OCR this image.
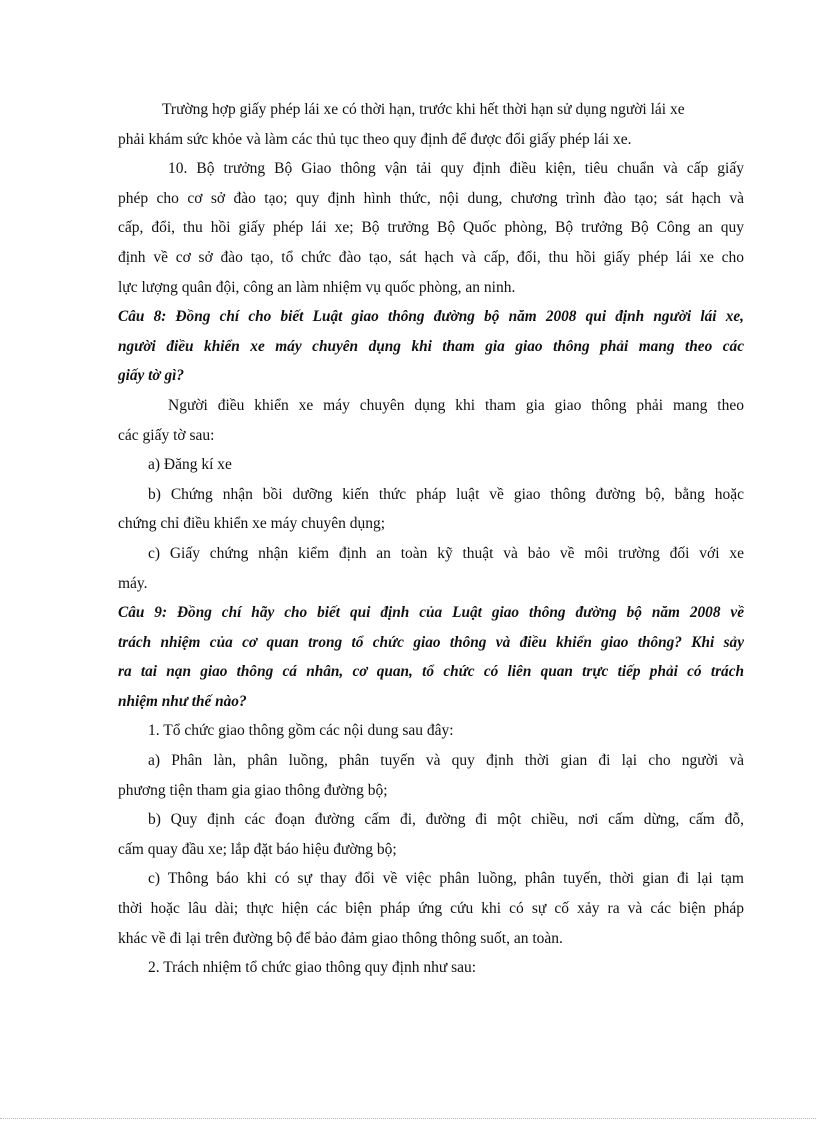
Trường hợp giấy phép lái xe có thời hạn, trước khi hết thời hạn sử dụng người lái xe
phải khám sức khỏe và làm các thủ tục theo quy định để được đổi giấy phép lái xe.
10. Bộ trưởng Bộ Giao thông vận tải quy định điều kiện, tiêu chuẩn và cấp giấy
phép cho cơ sở đào tạo; quy định hình thức, nội dung, chương trình đào tạo; sát hạch và
cấp, đổi, thu hồi giấy phép lái xe; Bộ trưởng Bộ Quốc phòng, Bộ trưởng Bộ Công an quy
định về cơ sở đào tạo, tổ chức đào tạo, sát hạch và cấp, đổi, thu hồi giấy phép lái xe cho
lực lượng quân đội, công an làm nhiệm vụ quốc phòng, an ninh.
Câu 8: Đồng chí cho biết Luật giao thông đường bộ năm 2008 qui định người lái xe,
người điều khiển xe máy chuyên dụng khi tham gia giao thông phải mang theo các
giấy tờ gì?
Người điều khiển xe máy chuyên dụng khi tham gia giao thông phải mang theo
các giấy tờ sau:
a) Đăng kí xe
b) Chứng nhận bồi dưỡng kiến thức pháp luật về giao thông đường bộ, bằng hoặc
chứng chỉ điều khiển xe máy chuyên dụng;
c) Giấy chứng nhận kiểm định an toàn kỹ thuật và bảo về môi trường đối với xe
máy.
Câu 9: Đồng chí hãy cho biết qui định của Luật giao thông đường bộ năm 2008 về
trách nhiệm của cơ quan trong tổ chức giao thông và điều khiển giao thông? Khi sảy
ra tai nạn giao thông cá nhân, cơ quan, tổ chức có liên quan trực tiếp phải có trách
nhiệm như thế nào?
1. Tổ chức giao thông gồm các nội dung sau đây:
a) Phân làn, phân luồng, phân tuyến và quy định thời gian đi lại cho người và
phương tiện tham gia giao thông đường bộ;
b) Quy định các đoạn đường cấm đi, đường đi một chiều, nơi cấm dừng, cấm đỗ,
cấm quay đầu xe; lắp đặt báo hiệu đường bộ;
c) Thông báo khi có sự thay đổi về việc phân luồng, phân tuyến, thời gian đi lại tạm
thời hoặc lâu dài; thực hiện các biện pháp ứng cứu khi có sự cố xảy ra và các biện pháp
khác về đi lại trên đường bộ để bảo đảm giao thông thông suốt, an toàn.
2. Trách nhiệm tổ chức giao thông quy định như sau:
